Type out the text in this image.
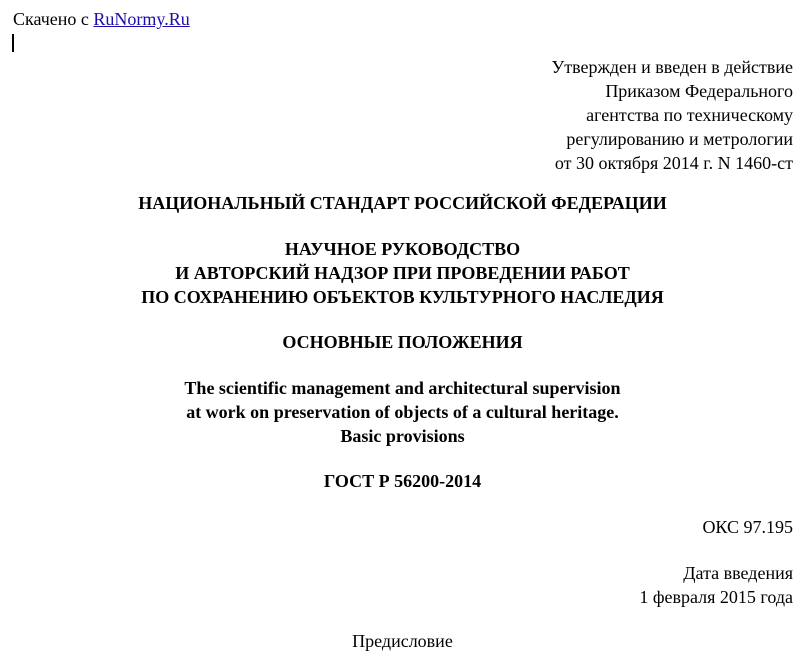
Скачено с RuNormy.Ru
Утвержден и введен в действие
Приказом Федерального
агентства по техническому
регулированию и метрологии
от 30 октября 2014 г. N 1460-ст
НАЦИОНАЛЬНЫЙ СТАНДАРТ РОССИЙСКОЙ ФЕДЕРАЦИИ
НАУЧНОЕ РУКОВОДСТВО
И АВТОРСКИЙ НАДЗОР ПРИ ПРОВЕДЕНИИ РАБОТ
ПО СОХРАНЕНИЮ ОБЪЕКТОВ КУЛЬТУРНОГО НАСЛЕДИЯ
ОСНОВНЫЕ ПОЛОЖЕНИЯ
The scientific management and architectural supervision
at work on preservation of objects of a cultural heritage.
Basic provisions
ГОСТ Р 56200-2014
ОКС 97.195
Дата введения
1 февраля 2015 года
Предисловие
